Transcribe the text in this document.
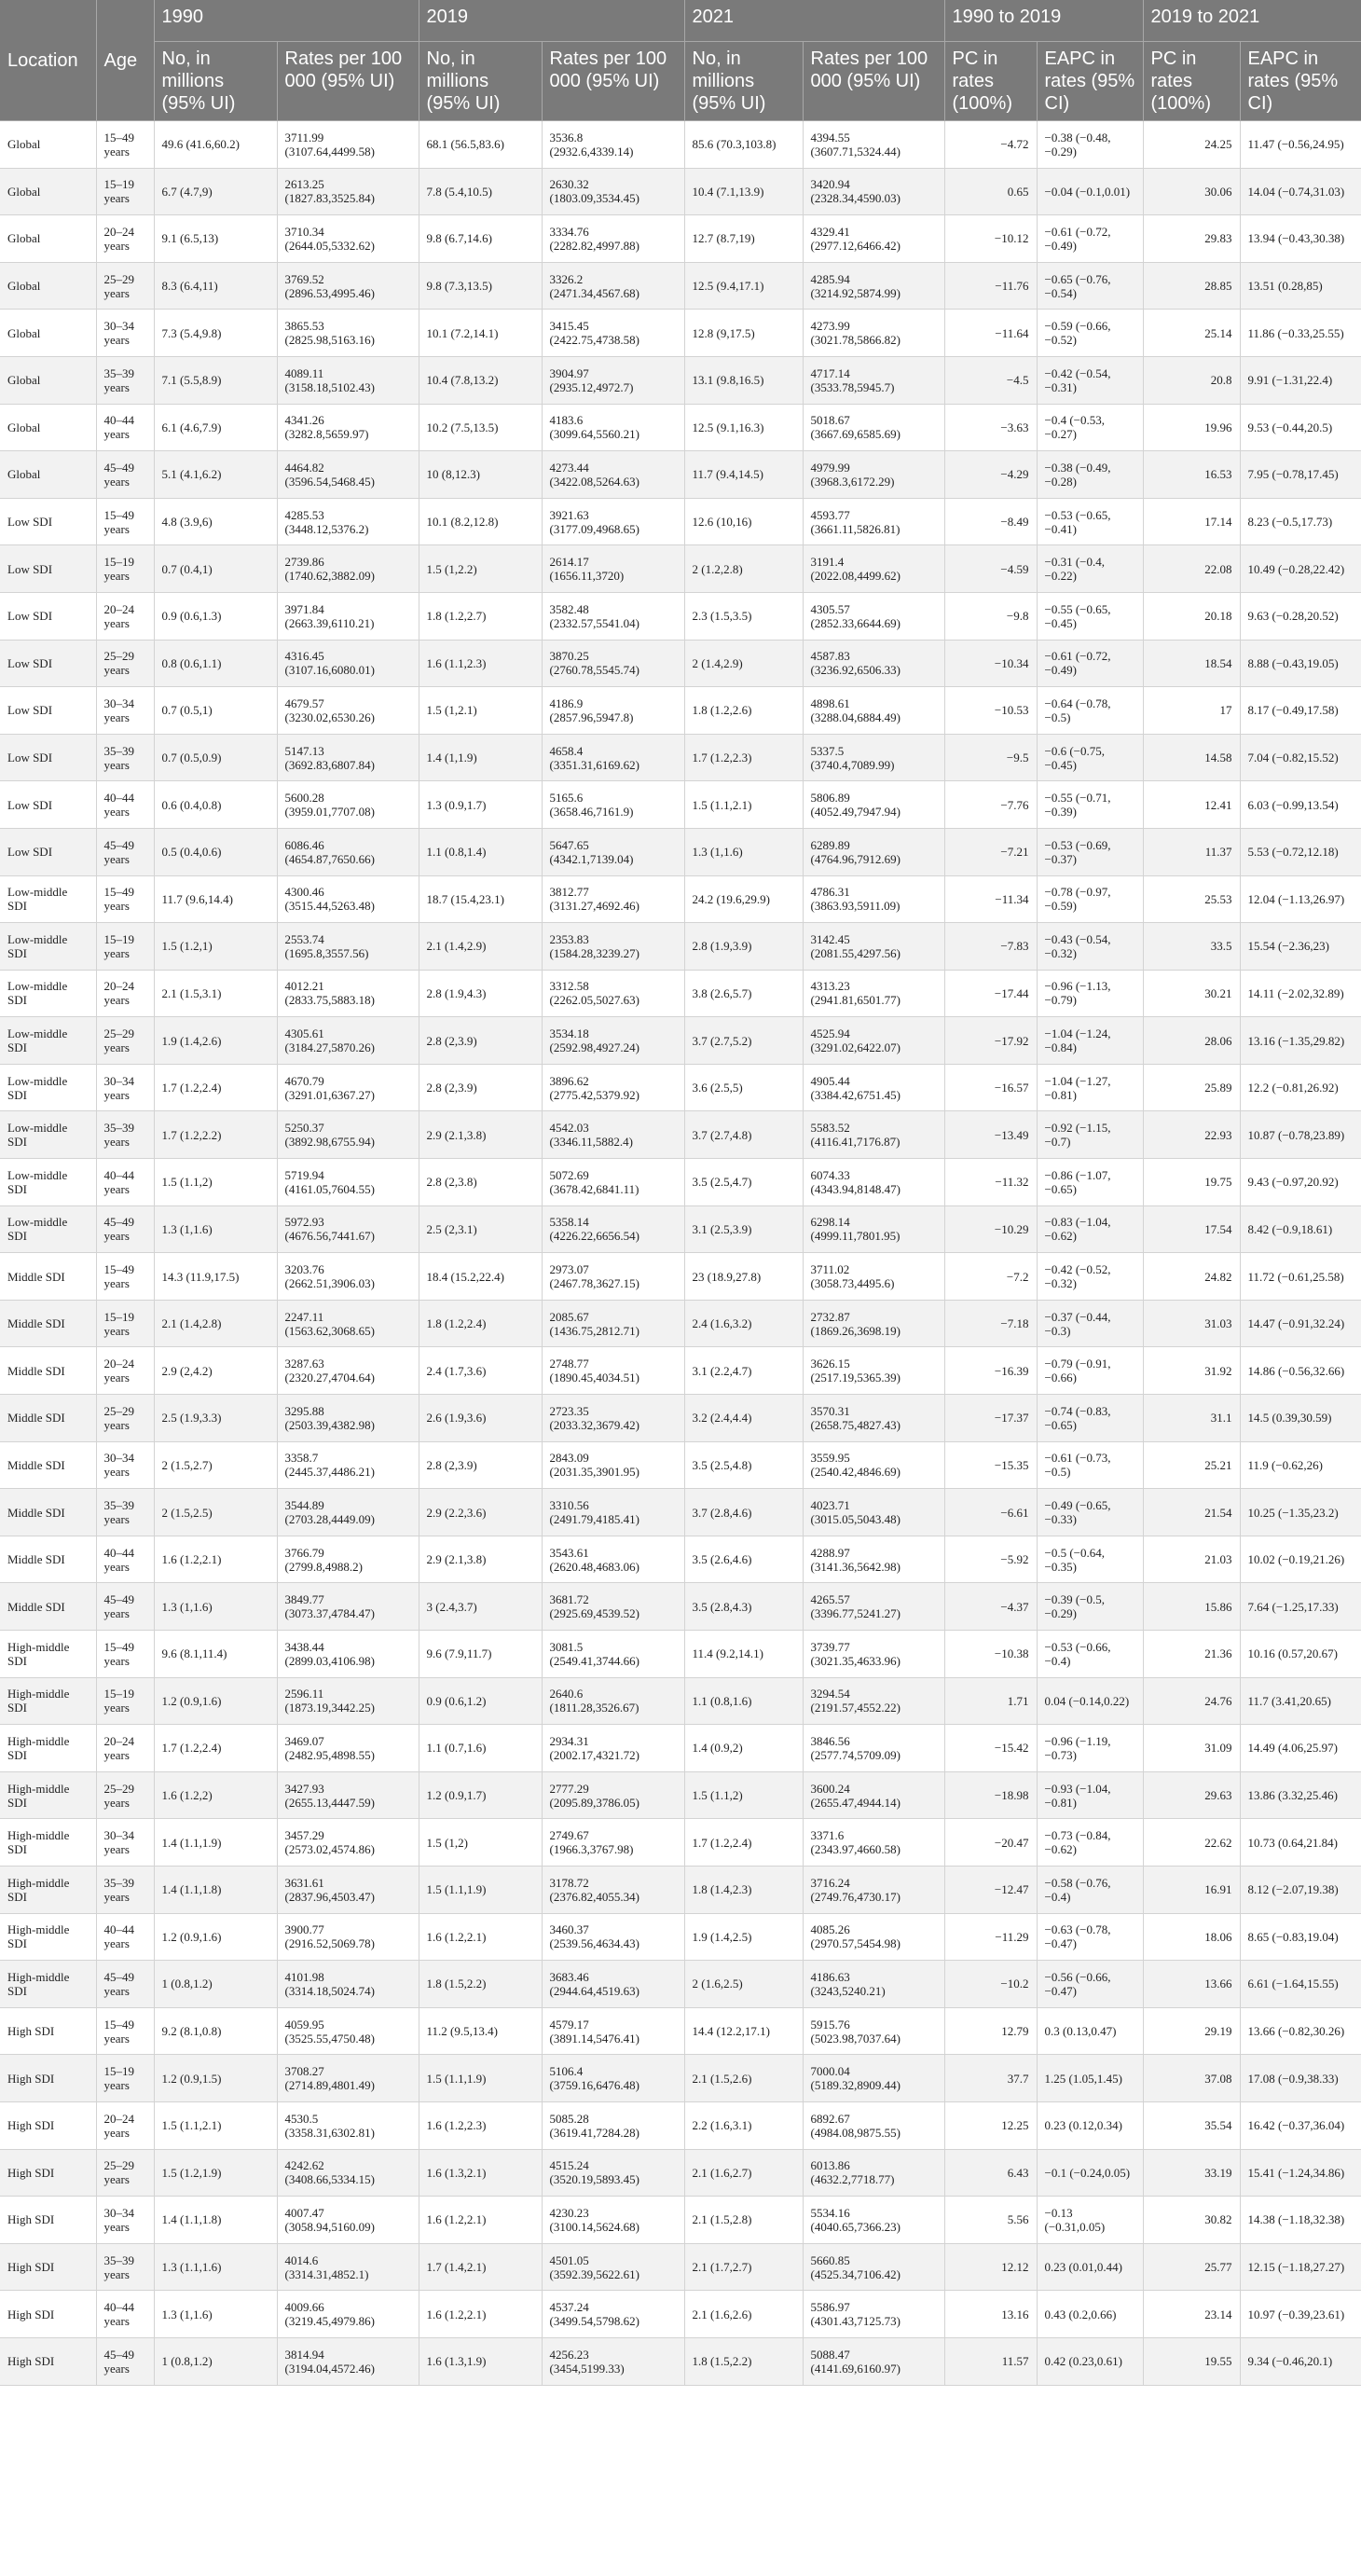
Location	Age	1990		2019		2021		1990 to 2019		2019 to 2021	
		No, in millions (95% UI)	Rates per 100 000 (95% UI)	No, in millions (95% UI)	Rates per 100 000 (95% UI)	No, in millions (95% UI)	Rates per 100 000 (95% UI)	PC in rates (100%)	EAPC in rates (95% CI)	PC in rates (100%)	EAPC in rates (95% CI)

Global	15–49 years	49.6 (41.6,60.2)	3711.99
(3107.64,4499.58)	68.1 (56.5,83.6)	3536.8
(2932.6,4339.14)	85.6 (70.3,103.8)	4394.55
(3607.71,5324.44)	−4.72	−0.38 (−0.48, −0.29)	24.25	11.47 (−0.56,24.95)

Global	15–19 years	6.7 (4.7,9)	2613.25
(1827.83,3525.84)	7.8 (5.4,10.5)	2630.32
(1803.09,3534.45)	10.4 (7.1,13.9)	3420.94
(2328.34,4590.03)	0.65	−0.04 (−0.1,0.01)	30.06	14.04 (−0.74,31.03)

Global	20–24 years	9.1 (6.5,13)	3710.34
(2644.05,5332.62)	9.8 (6.7,14.6)	3334.76
(2282.82,4997.88)	12.7 (8.7,19)	4329.41
(2977.12,6466.42)	−10.12	−0.61 (−0.72, −0.49)	29.83	13.94 (−0.43,30.38)

Global	25–29 years	8.3 (6.4,11)	3769.52
(2896.53,4995.46)	9.8 (7.3,13.5)	3326.2
(2471.34,4567.68)	12.5 (9.4,17.1)	4285.94
(3214.92,5874.99)	−11.76	−0.65 (−0.76, −0.54)	28.85	13.51 (0.28,85)

Global	30–34 years	7.3 (5.4,9.8)	3865.53
(2825.98,5163.16)	10.1 (7.2,14.1)	3415.45
(2422.75,4738.58)	12.8 (9,17.5)	4273.99
(3021.78,5866.82)	−11.64	−0.59 (−0.66, −0.52)	25.14	11.86 (−0.33,25.55)

Global	35–39 years	7.1 (5.5,8.9)	4089.11
(3158.18,5102.43)	10.4 (7.8,13.2)	3904.97
(2935.12,4972.7)	13.1 (9.8,16.5)	4717.14
(3533.78,5945.7)	−4.5	−0.42 (−0.54, −0.31)	20.8	9.91 (−1.31,22.4)

Global	40–44 years	6.1 (4.6,7.9)	4341.26
(3282.8,5659.97)	10.2 (7.5,13.5)	4183.6
(3099.64,5560.21)	12.5 (9.1,16.3)	5018.67
(3667.69,6585.69)	−3.63	−0.4 (−0.53, −0.27)	19.96	9.53 (−0.44,20.5)

Global	45–49 years	5.1 (4.1,6.2)	4464.82
(3596.54,5468.45)	10 (8,12.3)	4273.44
(3422.08,5264.63)	11.7 (9.4,14.5)	4979.99
(3968.3,6172.29)	−4.29	−0.38 (−0.49, −0.28)	16.53	7.95 (−0.78,17.45)

Low SDI	15–49 years	4.8 (3.9,6)	4285.53
(3448.12,5376.2)	10.1 (8.2,12.8)	3921.63
(3177.09,4968.65)	12.6 (10,16)	4593.77
(3661.11,5826.81)	−8.49	−0.53 (−0.65, −0.41)	17.14	8.23 (−0.5,17.73)

Low SDI	15–19 years	0.7 (0.4,1)	2739.86
(1740.62,3882.09)	1.5 (1,2.2)	2614.17
(1656.11,3720)	2 (1.2,2.8)	3191.4
(2022.08,4499.62)	−4.59	−0.31 (−0.4, −0.22)	22.08	10.49 (−0.28,22.42)

Low SDI	20–24 years	0.9 (0.6,1.3)	3971.84
(2663.39,6110.21)	1.8 (1.2,2.7)	3582.48
(2332.57,5541.04)	2.3 (1.5,3.5)	4305.57
(2852.33,6644.69)	−9.8	−0.55 (−0.65, −0.45)	20.18	9.63 (−0.28,20.52)

Low SDI	25–29 years	0.8 (0.6,1.1)	4316.45
(3107.16,6080.01)	1.6 (1.1,2.3)	3870.25
(2760.78,5545.74)	2 (1.4,2.9)	4587.83
(3236.92,6506.33)	−10.34	−0.61 (−0.72, −0.49)	18.54	8.88 (−0.43,19.05)

Low SDI	30–34 years	0.7 (0.5,1)	4679.57
(3230.02,6530.26)	1.5 (1,2.1)	4186.9
(2857.96,5947.8)	1.8 (1.2,2.6)	4898.61
(3288.04,6884.49)	−10.53	−0.64 (−0.78, −0.5)	17	8.17 (−0.49,17.58)

Low SDI	35–39 years	0.7 (0.5,0.9)	5147.13
(3692.83,6807.84)	1.4 (1,1.9)	4658.4
(3351.31,6169.62)	1.7 (1.2,2.3)	5337.5
(3740.4,7089.99)	−9.5	−0.6 (−0.75, −0.45)	14.58	7.04 (−0.82,15.52)

Low SDI	40–44 years	0.6 (0.4,0.8)	5600.28
(3959.01,7707.08)	1.3 (0.9,1.7)	5165.6
(3658.46,7161.9)	1.5 (1.1,2.1)	5806.89
(4052.49,7947.94)	−7.76	−0.55 (−0.71, −0.39)	12.41	6.03 (−0.99,13.54)

Low SDI	45–49 years	0.5 (0.4,0.6)	6086.46
(4654.87,7650.66)	1.1 (0.8,1.4)	5647.65
(4342.1,7139.04)	1.3 (1,1.6)	6289.89
(4764.96,7912.69)	−7.21	−0.53 (−0.69, −0.37)	11.37	5.53 (−0.72,12.18)

Low-middle SDI	15–49 years	11.7 (9.6,14.4)	4300.46
(3515.44,5263.48)	18.7 (15.4,23.1)	3812.77
(3131.27,4692.46)	24.2 (19.6,29.9)	4786.31
(3863.93,5911.09)	−11.34	−0.78 (−0.97, −0.59)	25.53	12.04 (−1.13,26.97)

Low-middle SDI	15–19 years	1.5 (1.2,1)	2553.74
(1695.8,3557.56)	2.1 (1.4,2.9)	2353.83
(1584.28,3239.27)	2.8 (1.9,3.9)	3142.45
(2081.55,4297.56)	−7.83	−0.43 (−0.54, −0.32)	33.5	15.54 (−2.36,23)

Low-middle SDI	20–24 years	2.1 (1.5,3.1)	4012.21
(2833.75,5883.18)	2.8 (1.9,4.3)	3312.58
(2262.05,5027.63)	3.8 (2.6,5.7)	4313.23
(2941.81,6501.77)	−17.44	−0.96 (−1.13, −0.79)	30.21	14.11 (−2.02,32.89)

Low-middle SDI	25–29 years	1.9 (1.4,2.6)	4305.61
(3184.27,5870.26)	2.8 (2,3.9)	3534.18
(2592.98,4927.24)	3.7 (2.7,5.2)	4525.94
(3291.02,6422.07)	−17.92	−1.04 (−1.24, −0.84)	28.06	13.16 (−1.35,29.82)

Low-middle SDI	30–34 years	1.7 (1.2,2.4)	4670.79
(3291.01,6367.27)	2.8 (2,3.9)	3896.62
(2775.42,5379.92)	3.6 (2.5,5)	4905.44
(3384.42,6751.45)	−16.57	−1.04 (−1.27, −0.81)	25.89	12.2 (−0.81,26.92)

Low-middle SDI	35–39 years	1.7 (1.2,2.2)	5250.37
(3892.98,6755.94)	2.9 (2.1,3.8)	4542.03
(3346.11,5882.4)	3.7 (2.7,4.8)	5583.52
(4116.41,7176.87)	−13.49	−0.92 (−1.15, −0.7)	22.93	10.87 (−0.78,23.89)

Low-middle SDI	40–44 years	1.5 (1.1,2)	5719.94
(4161.05,7604.55)	2.8 (2,3.8)	5072.69
(3678.42,6841.11)	3.5 (2.5,4.7)	6074.33
(4343.94,8148.47)	−11.32	−0.86 (−1.07, −0.65)	19.75	9.43 (−0.97,20.92)

Low-middle SDI	45–49 years	1.3 (1,1.6)	5972.93
(4676.56,7441.67)	2.5 (2,3.1)	5358.14
(4226.22,6656.54)	3.1 (2.5,3.9)	6298.14
(4999.11,7801.95)	−10.29	−0.83 (−1.04, −0.62)	17.54	8.42 (−0.9,18.61)

Middle SDI	15–49 years	14.3 (11.9,17.5)	3203.76
(2662.51,3906.03)	18.4 (15.2,22.4)	2973.07
(2467.78,3627.15)	23 (18.9,27.8)	3711.02
(3058.73,4495.6)	−7.2	−0.42 (−0.52, −0.32)	24.82	11.72 (−0.61,25.58)

Middle SDI	15–19 years	2.1 (1.4,2.8)	2247.11
(1563.62,3068.65)	1.8 (1.2,2.4)	2085.67
(1436.75,2812.71)	2.4 (1.6,3.2)	2732.87
(1869.26,3698.19)	−7.18	−0.37 (−0.44, −0.3)	31.03	14.47 (−0.91,32.24)

Middle SDI	20–24 years	2.9 (2,4.2)	3287.63
(2320.27,4704.64)	2.4 (1.7,3.6)	2748.77
(1890.45,4034.51)	3.1 (2.2,4.7)	3626.15
(2517.19,5365.39)	−16.39	−0.79 (−0.91, −0.66)	31.92	14.86 (−0.56,32.66)

Middle SDI	25–29 years	2.5 (1.9,3.3)	3295.88
(2503.39,4382.98)	2.6 (1.9,3.6)	2723.35
(2033.32,3679.42)	3.2 (2.4,4.4)	3570.31
(2658.75,4827.43)	−17.37	−0.74 (−0.83, −0.65)	31.1	14.5 (0.39,30.59)

Middle SDI	30–34 years	2 (1.5,2.7)	3358.7
(2445.37,4486.21)	2.8 (2,3.9)	2843.09
(2031.35,3901.95)	3.5 (2.5,4.8)	3559.95
(2540.42,4846.69)	−15.35	−0.61 (−0.73, −0.5)	25.21	11.9 (−0.62,26)

Middle SDI	35–39 years	2 (1.5,2.5)	3544.89
(2703.28,4449.09)	2.9 (2.2,3.6)	3310.56
(2491.79,4185.41)	3.7 (2.8,4.6)	4023.71
(3015.05,5043.48)	−6.61	−0.49 (−0.65, −0.33)	21.54	10.25 (−1.35,23.2)

Middle SDI	40–44 years	1.6 (1.2,2.1)	3766.79
(2799.8,4988.2)	2.9 (2.1,3.8)	3543.61
(2620.48,4683.06)	3.5 (2.6,4.6)	4288.97
(3141.36,5642.98)	−5.92	−0.5 (−0.64, −0.35)	21.03	10.02 (−0.19,21.26)

Middle SDI	45–49 years	1.3 (1,1.6)	3849.77
(3073.37,4784.47)	3 (2.4,3.7)	3681.72
(2925.69,4539.52)	3.5 (2.8,4.3)	4265.57
(3396.77,5241.27)	−4.37	−0.39 (−0.5, −0.29)	15.86	7.64 (−1.25,17.33)

High-middle SDI	15–49 years	9.6 (8.1,11.4)	3438.44
(2899.03,4106.98)	9.6 (7.9,11.7)	3081.5
(2549.41,3744.66)	11.4 (9.2,14.1)	3739.77
(3021.35,4633.96)	−10.38	−0.53 (−0.66, −0.4)	21.36	10.16 (0.57,20.67)

High-middle SDI	15–19 years	1.2 (0.9,1.6)	2596.11
(1873.19,3442.25)	0.9 (0.6,1.2)	2640.6
(1811.28,3526.67)	1.1 (0.8,1.6)	3294.54
(2191.57,4552.22)	1.71	0.04 (−0.14,0.22)	24.76	11.7 (3.41,20.65)

High-middle SDI	20–24 years	1.7 (1.2,2.4)	3469.07
(2482.95,4898.55)	1.1 (0.7,1.6)	2934.31
(2002.17,4321.72)	1.4 (0.9,2)	3846.56
(2577.74,5709.09)	−15.42	−0.96 (−1.19, −0.73)	31.09	14.49 (4.06,25.97)

High-middle SDI	25–29 years	1.6 (1.2,2)	3427.93
(2655.13,4447.59)	1.2 (0.9,1.7)	2777.29
(2095.89,3786.05)	1.5 (1.1,2)	3600.24
(2655.47,4944.14)	−18.98	−0.93 (−1.04, −0.81)	29.63	13.86 (3.32,25.46)

High-middle SDI	30–34 years	1.4 (1.1,1.9)	3457.29
(2573.02,4574.86)	1.5 (1,2)	2749.67
(1966.3,3767.98)	1.7 (1.2,2.4)	3371.6
(2343.97,4660.58)	−20.47	−0.73 (−0.84, −0.62)	22.62	10.73 (0.64,21.84)

High-middle SDI	35–39 years	1.4 (1.1,1.8)	3631.61
(2837.96,4503.47)	1.5 (1.1,1.9)	3178.72
(2376.82,4055.34)	1.8 (1.4,2.3)	3716.24
(2749.76,4730.17)	−12.47	−0.58 (−0.76, −0.4)	16.91	8.12 (−2.07,19.38)

High-middle SDI	40–44 years	1.2 (0.9,1.6)	3900.77
(2916.52,5069.78)	1.6 (1.2,2.1)	3460.37
(2539.56,4634.43)	1.9 (1.4,2.5)	4085.26
(2970.57,5454.98)	−11.29	−0.63 (−0.78, −0.47)	18.06	8.65 (−0.83,19.04)

High-middle SDI	45–49 years	1 (0.8,1.2)	4101.98
(3314.18,5024.74)	1.8 (1.5,2.2)	3683.46
(2944.64,4519.63)	2 (1.6,2.5)	4186.63
(3243,5240.21)	−10.2	−0.56 (−0.66, −0.47)	13.66	6.61 (−1.64,15.55)

High SDI	15–49 years	9.2 (8.1,0.8)	4059.95
(3525.55,4750.48)	11.2 (9.5,13.4)	4579.17
(3891.14,5476.41)	14.4 (12.2,17.1)	5915.76
(5023.98,7037.64)	12.79	0.3 (0.13,0.47)	29.19	13.66 (−0.82,30.26)

High SDI	15–19 years	1.2 (0.9,1.5)	3708.27
(2714.89,4801.49)	1.5 (1.1,1.9)	5106.4
(3759.16,6476.48)	2.1 (1.5,2.6)	7000.04
(5189.32,8909.44)	37.7	1.25 (1.05,1.45)	37.08	17.08 (−0.9,38.33)

High SDI	20–24 years	1.5 (1.1,2.1)	4530.5
(3358.31,6302.81)	1.6 (1.2,2.3)	5085.28
(3619.41,7284.28)	2.2 (1.6,3.1)	6892.67
(4984.08,9875.55)	12.25	0.23 (0.12,0.34)	35.54	16.42 (−0.37,36.04)

High SDI	25–29 years	1.5 (1.2,1.9)	4242.62
(3408.66,5334.15)	1.6 (1.3,2.1)	4515.24
(3520.19,5893.45)	2.1 (1.6,2.7)	6013.86
(4632.2,7718.77)	6.43	−0.1 (−0.24,0.05)	33.19	15.41 (−1.24,34.86)

High SDI	30–34 years	1.4 (1.1,1.8)	4007.47
(3058.94,5160.09)	1.6 (1.2,2.1)	4230.23
(3100.14,5624.68)	2.1 (1.5,2.8)	5534.16
(4040.65,7366.23)	5.56	−0.13 (−0.31,0.05)	30.82	14.38 (−1.18,32.38)

High SDI	35–39 years	1.3 (1.1,1.6)	4014.6
(3314.31,4852.1)	1.7 (1.4,2.1)	4501.05
(3592.39,5622.61)	2.1 (1.7,2.7)	5660.85
(4525.34,7106.42)	12.12	0.23 (0.01,0.44)	25.77	12.15 (−1.18,27.27)

High SDI	40–44 years	1.3 (1,1.6)	4009.66
(3219.45,4979.86)	1.6 (1.2,2.1)	4537.24
(3499.54,5798.62)	2.1 (1.6,2.6)	5586.97
(4301.43,7125.73)	13.16	0.43 (0.2,0.66)	23.14	10.97 (−0.39,23.61)

High SDI	45–49 years	1 (0.8,1.2)	3814.94
(3194.04,4572.46)	1.6 (1.3,1.9)	4256.23
(3454,5199.33)	1.8 (1.5,2.2)	5088.47
(4141.69,6160.97)	11.57	0.42 (0.23,0.61)	19.55	9.34 (−0.46,20.1)
